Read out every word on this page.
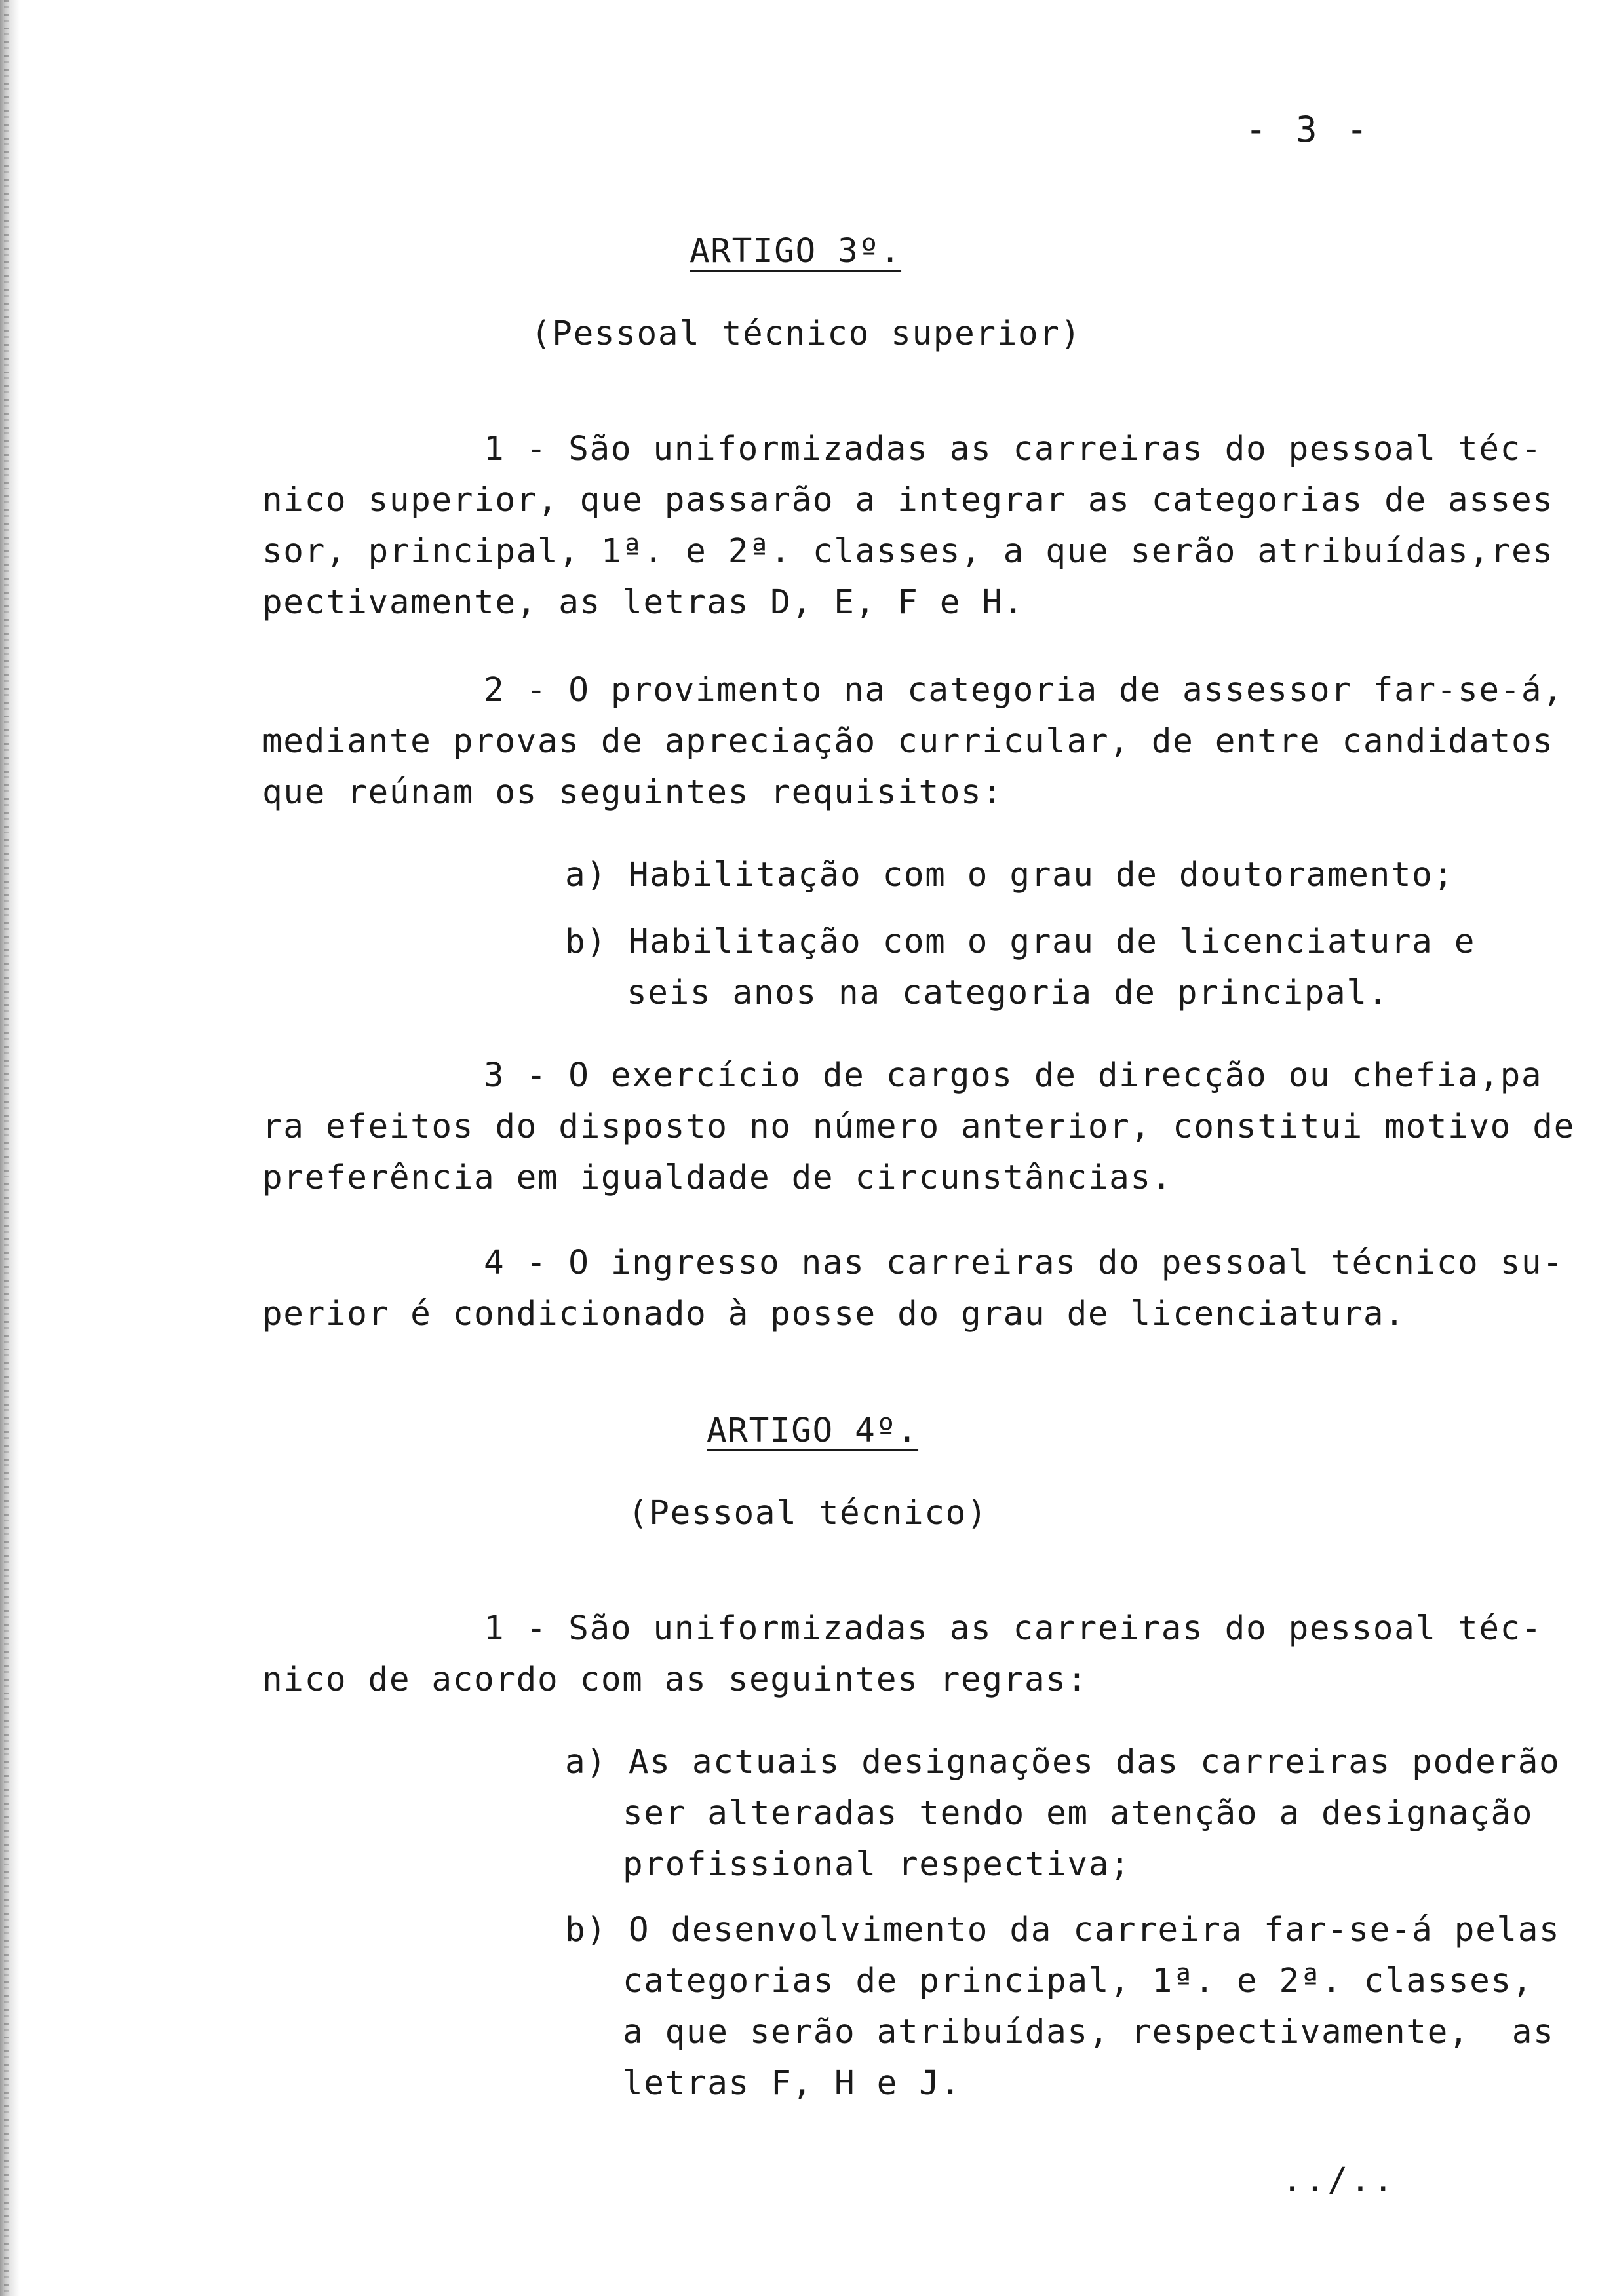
- 3 -

ARTIGO 3º.

(Pessoal técnico superior)

1 - São uniformizadas as carreiras do pessoal téc-

nico superior, que passarão a integrar as categorias de asses

sor, principal, 1ª. e 2ª. classes, a que serão atribuídas,res

pectivamente, as letras D, E, F e H.

2 - O provimento na categoria de assessor far-se-á,

mediante provas de apreciação curricular, de entre candidatos

que reúnam os seguintes requisitos:

a) Habilitação com o grau de doutoramento;

b) Habilitação com o grau de licenciatura e

seis anos na categoria de principal.

3 - O exercício de cargos de direcção ou chefia,pa

ra efeitos do disposto no número anterior, constitui motivo de

preferência em igualdade de circunstâncias.

4 - O ingresso nas carreiras do pessoal técnico su-

perior é condicionado à posse do grau de licenciatura.

ARTIGO 4º.

(Pessoal técnico)

1 - São uniformizadas as carreiras do pessoal téc-

nico de acordo com as seguintes regras:

a) As actuais designações das carreiras poderão

ser alteradas tendo em atenção a designação

profissional respectiva;

b) O desenvolvimento da carreira far-se-á pelas

categorias de principal, 1ª. e 2ª. classes,

a que serão atribuídas, respectivamente,  as

letras F, H e J.

../..
